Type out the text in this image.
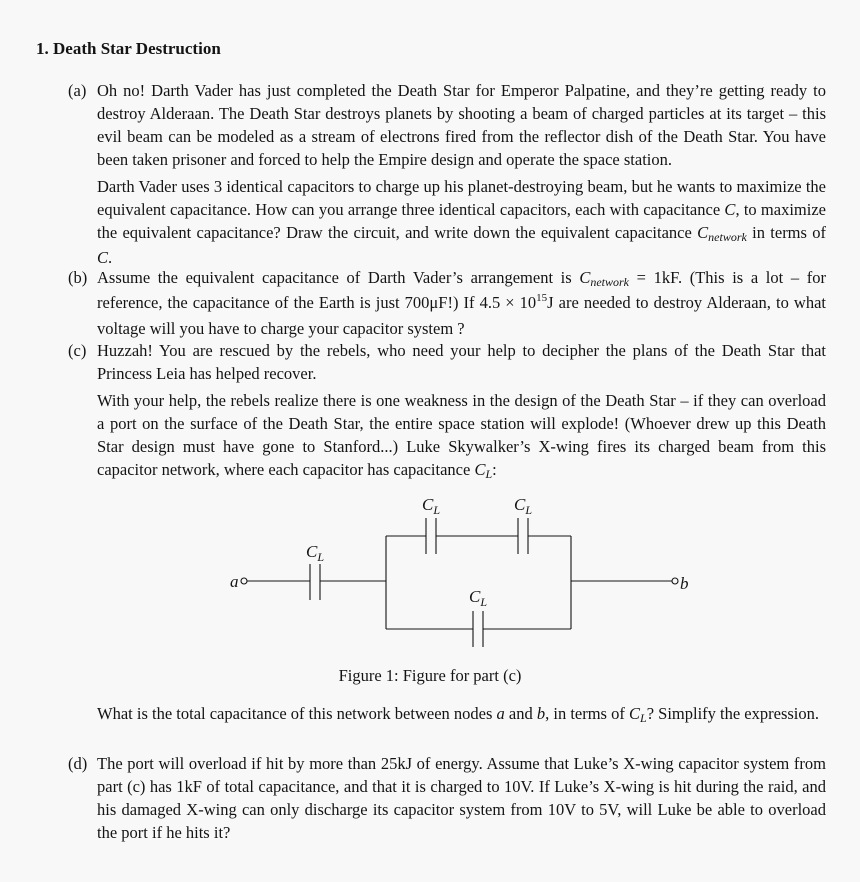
1. Death Star Destruction
(a) Oh no! Darth Vader has just completed the Death Star for Emperor Palpatine, and they’re getting ready to destroy Alderaan. The Death Star destroys planets by shooting a beam of charged particles at its target – this evil beam can be modeled as a stream of electrons fired from the reflector dish of the Death Star. You have been taken prisoner and forced to help the Empire design and operate the space station.

Darth Vader uses 3 identical capacitors to charge up his planet-destroying beam, but he wants to maximize the equivalent capacitance. How can you arrange three identical capacitors, each with capacitance C, to maximize the equivalent capacitance? Draw the circuit, and write down the equivalent capacitance Cnetwork in terms of C.

(b) Assume the equivalent capacitance of Darth Vader’s arrangement is Cnetwork = 1kF. (This is a lot – for reference, the capacitance of the Earth is just 700μF!) If $4.5 \times 10^{15}J$ are needed to destroy Alderaan, to what voltage will you have to charge your capacitor system ?

(c) Huzzah! You are rescued by the rebels, who need your help to decipher the plans of the Death Star that Princess Leia has helped recover.

With your help, the rebels realize there is one weakness in the design of the Death Star – if they can overload a port on the surface of the Death Star, the entire space station will explode! (Whoever drew up this Death Star design must have gone to Stanford...) Luke Skywalker’s X-wing fires its charged beam from this capacitor network, where each capacitor has capacitance CL:

a	b
$C_L$
$C_L$	$C_L$
$C_L$
Figure 1: Figure for part (c)
What is the total capacitance of this network between nodes a and b, in terms of CL? Simplify the expression.
(d) The port will overload if hit by more than 25kJ of energy. Assume that Luke’s X-wing capacitor system from part (c) has 1kF of total capacitance, and that it is charged to 10V. If Luke’s X-wing is hit during the raid, and his damaged X-wing can only discharge its capacitor system from 10V to 5V, will Luke be able to overload the port if he hits it?
